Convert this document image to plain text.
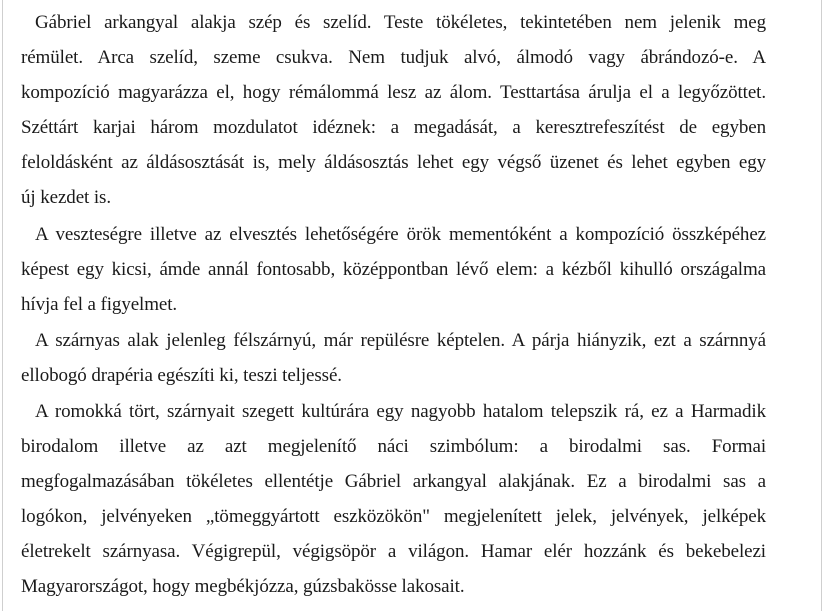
Gábriel arkangyal alakja szép és szelíd. Teste tökéletes, tekintetében nem jelenik meg

rémület. Arca szelíd, szeme csukva. Nem tudjuk alvó, álmodó vagy ábrándozó-e. A

kompozíció magyarázza el, hogy rémálommá lesz az álom. Testtartása árulja el a legyőzöttet.

Széttárt karjai három mozdulatot idéznek: a megadását, a keresztrefeszítést de egyben

feloldásként az áldásosztását is, mely áldásosztás lehet egy végső üzenet és lehet egyben egy

új kezdet is.

A veszteségre illetve az elvesztés lehetőségére örök mementóként a kompozíció összképéhez

képest egy kicsi, ámde annál fontosabb, középpontban lévő elem: a kézből kihulló országalma

hívja fel a figyelmet.

A szárnyas alak jelenleg félszárnyú, már repülésre képtelen. A párja hiányzik, ezt a szárnnyá

ellobogó drapéria egészíti ki, teszi teljessé.

A romokká tört, szárnyait szegett kultúrára egy nagyobb hatalom telepszik rá, ez a Harmadik

birodalom illetve az azt megjelenítő náci szimbólum: a birodalmi sas. Formai

megfogalmazásában tökéletes ellentétje Gábriel arkangyal alakjának. Ez a birodalmi sas a

logókon, jelvényeken „tömeggyártott eszközökön" megjelenített jelek, jelvények, jelképek

életrekelt szárnyasa. Végigrepül, végigsöpör a világon. Hamar elér hozzánk és bekebelezi

Magyarországot, hogy megbékjózza, gúzsbakösse lakosait.
